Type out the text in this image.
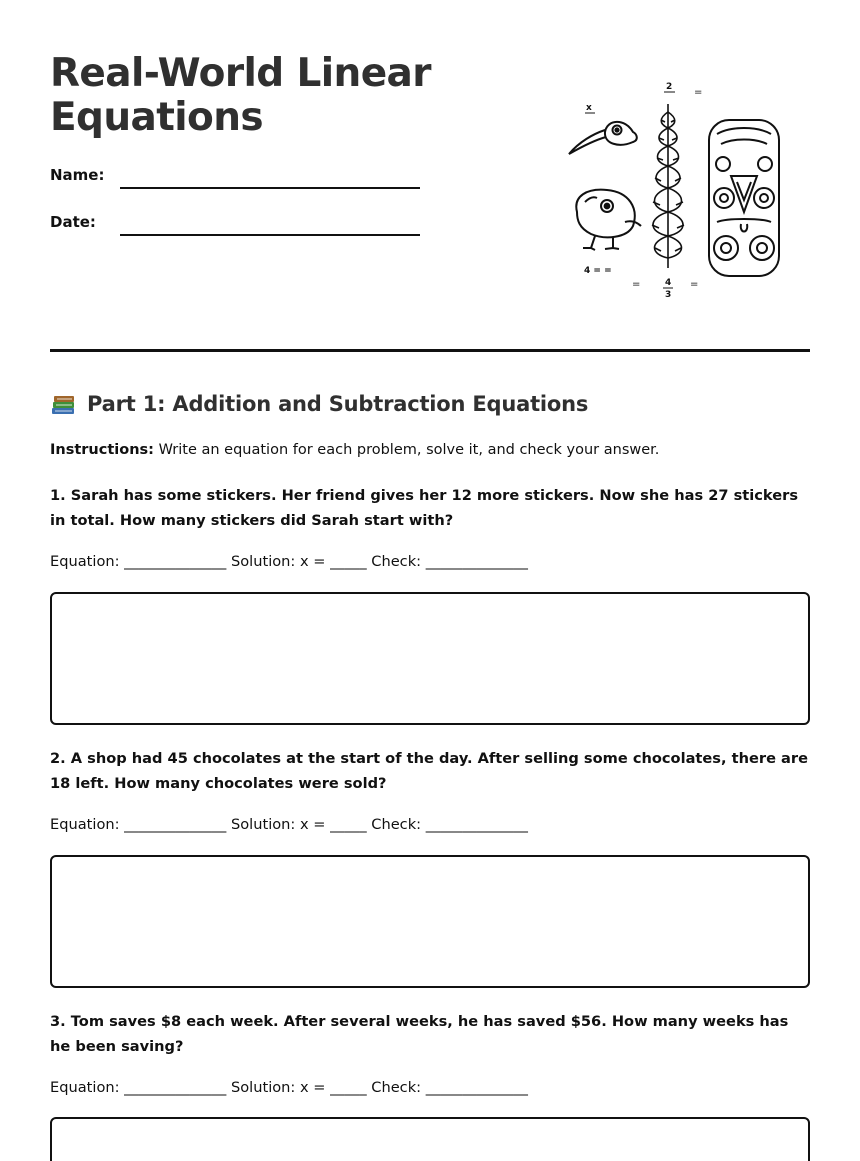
Real-World Linear
Equations
Name:
Date:
x
2 =
4 = =
=	4
3
=
Part 1: Addition and Subtraction Equations
Instructions: Write an equation for each problem, solve it, and check your answer.

1. Sarah has some stickers. Her friend gives her 12 more stickers. Now she has 27 stickers in total. How many stickers did Sarah start with?

Equation: ______________ Solution: x = _____ Check: ______________

2. A shop had 45 chocolates at the start of the day. After selling some chocolates, there are 18 left. How many chocolates were sold?

Equation: ______________ Solution: x = _____ Check: ______________

3. Tom saves $8 each week. After several weeks, he has saved $56. How many weeks has he been saving?

Equation: ______________ Solution: x = _____ Check: ______________
